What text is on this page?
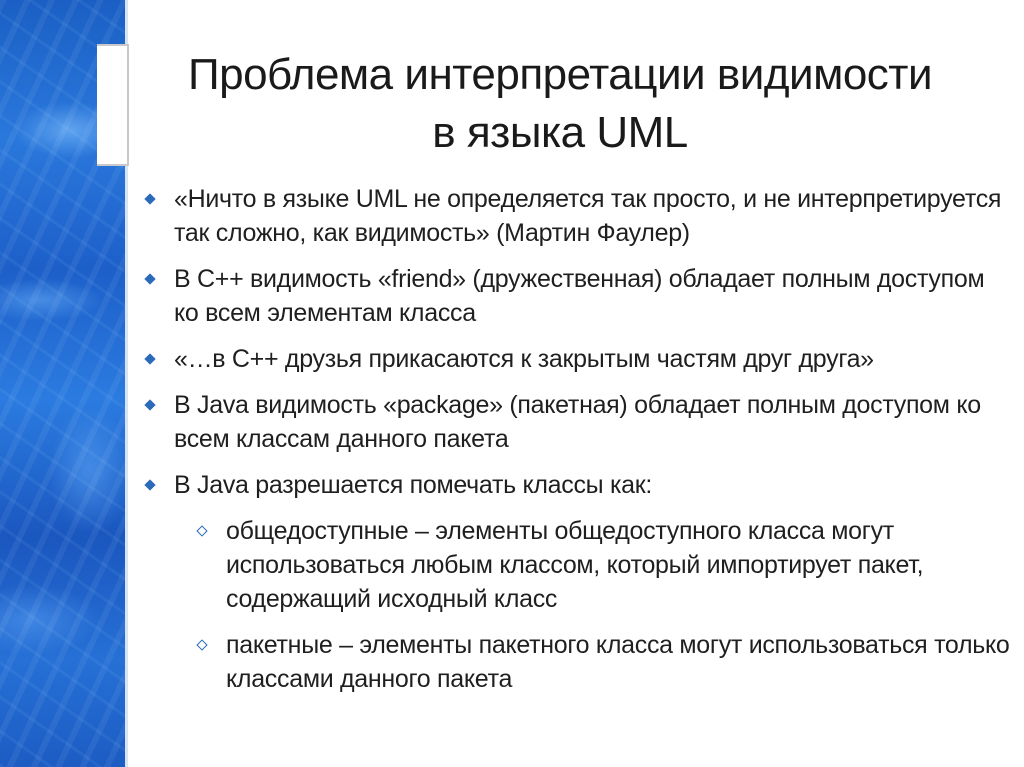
Проблема интерпретации видимости
в языка UML
«Ничто в языке UML не определяется так просто, и не интерпретируется так сложно, как видимость» (Мартин Фаулер)
В С++ видимость «friend» (дружественная) обладает полным доступом ко всем элементам класса
«…в С++ друзья прикасаются к закрытым частям друг друга»
В Java видимость «package» (пакетная) обладает полным доступом ко всем классам данного пакета
В Java разрешается помечать классы как:
общедоступные – элементы общедоступного класса могут использоваться любым классом, который импортирует пакет, содержащий исходный класс
пакетные – элементы пакетного класса могут использоваться только классами данного пакета
